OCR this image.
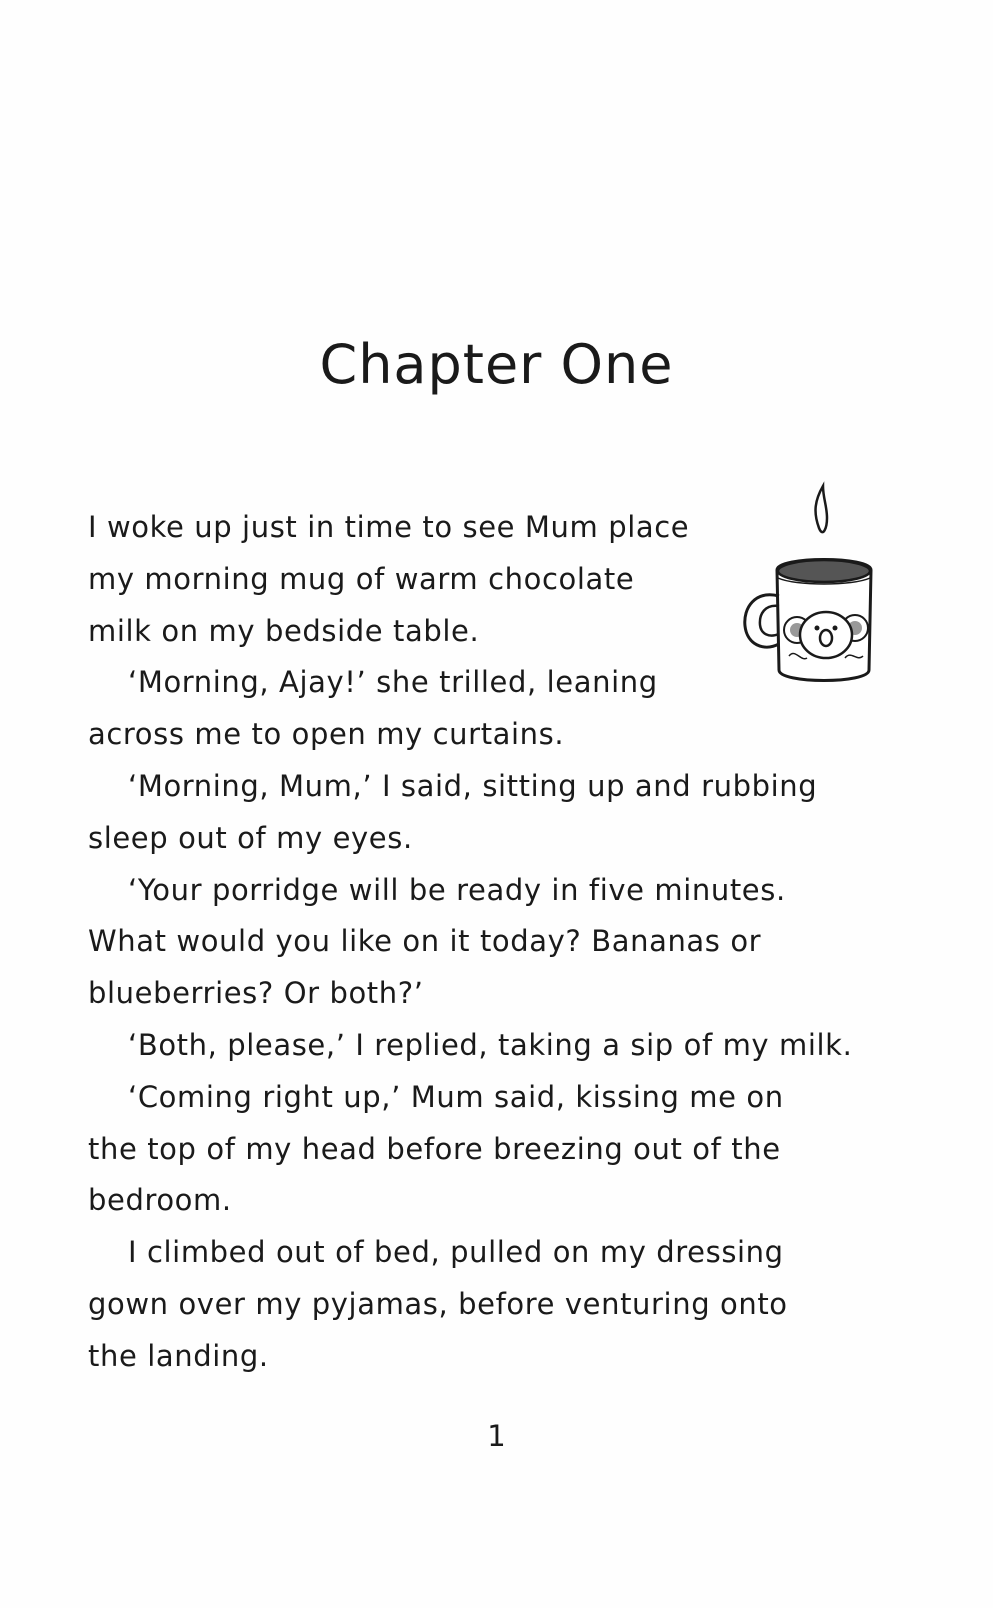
Chapter One
I woke up just in time to see Mum place
my morning mug of warm chocolate
milk on my bedside table.
‘Morning, Ajay!’ she trilled, leaning
across me to open my curtains.
‘Morning, Mum,’ I said, sitting up and rubbing
sleep out of my eyes.
‘Your porridge will be ready in five minutes.
What would you like on it today? Bananas or
blueberries? Or both?’
‘Both, please,’ I replied, taking a sip of my milk.
‘Coming right up,’ Mum said, kissing me on
the top of my head before breezing out of the
bedroom.
I climbed out of bed, pulled on my dressing
gown over my pyjamas, before venturing onto
the landing.
1
